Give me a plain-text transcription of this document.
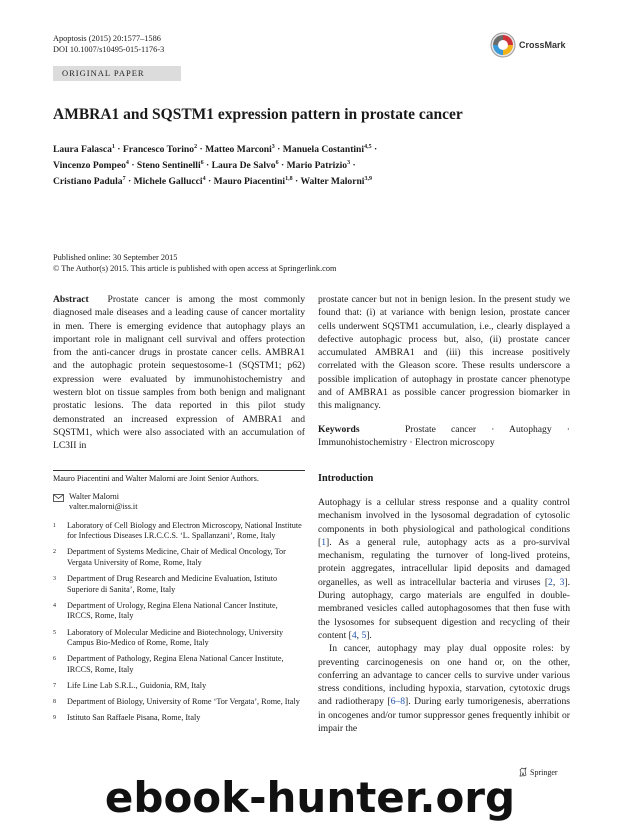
Apoptosis (2015) 20:1577–1586
DOI 10.1007/s10495-015-1176-3	CrossMark
ORIGINAL PAPER
AMBRA1 and SQSTM1 expression pattern in prostate cancer
Laura Falasca$^1$ · Francesco Torino$^2$ · Matteo Marconi$^3$ · Manuela Costantini$^{4,5}$ ·
Vincenzo Pompeo$^4$ · Steno Sentinelli$^6$ · Laura De Salvo$^6$ · Mario Patrizio$^3$ ·
Cristiano Padula$^7$ · Michele Gallucci$^4$ · Mauro Piacentini$^{1,8}$ · Walter Malorni$^{3,9}$
Published online: 30 September 2015
© The Author(s) 2015. This article is published with open access at Springerlink.com

Abstract Prostate cancer is among the most commonly diagnosed male diseases and a leading cause of cancer mortality in men. There is emerging evidence that autophagy plays an important role in malignant cell survival and offers protection from the anti-cancer drugs in prostate cancer cells. AMBRA1 and the autophagic protein sequestosome-1 (SQSTM1; p62) expression were evaluated by immunohistochemistry and western blot on tissue samples from both benign and malignant prostatic lesions. The data reported in this pilot study demonstrated an increased expression of AMBRA1 and SQSTM1, which were also associated with an accumulation of LC3II in

prostate cancer but not in benign lesion. In the present study we found that: (i) at variance with benign lesion, prostate cancer cells underwent SQSTM1 accumulation, i.e., clearly displayed a defective autophagic process but, also, (ii) prostate cancer accumulated AMBRA1 and (iii) this increase positively correlated with the Gleason score. These results underscore a possible implication of autophagy in prostate cancer phenotype and of AMBRA1 as possible cancer progression biomarker in this malignancy.

Keywords	Prostate cancer · Autophagy · Immunohistochemistry · Electron microscopy

Mauro Piacentini and Walter Malorni are Joint Senior Authors.
Walter Malorni
valter.malorni@iss.it
1	Laboratory of Cell Biology and Electron Microscopy, National Institute for Infectious Diseases I.R.C.C.S. ‘L. Spallanzani’, Rome, Italy
2	Department of Systems Medicine, Chair of Medical Oncology, Tor Vergata University of Rome, Rome, Italy
3	Department of Drug Research and Medicine Evaluation, Istituto Superiore di Sanita’, Rome, Italy
4	Department of Urology, Regina Elena National Cancer Institute, IRCCS, Rome, Italy
5	Laboratory of Molecular Medicine and Biotechnology, University Campus Bio-Medico of Rome, Rome, Italy
6	Department of Pathology, Regina Elena National Cancer Institute, IRCCS, Rome, Italy
7	Life Line Lab S.R.L., Guidonia, RM, Italy
8	Department of Biology, University of Rome ‘Tor Vergata’, Rome, Italy
9	Istituto San Raffaele Pisana, Rome, Italy
Introduction

Autophagy is a cellular stress response and a quality control mechanism involved in the lysosomal degradation of cytosolic components in both physiological and pathological conditions [1]. As a general rule, autophagy acts as a pro-survival mechanism, regulating the turnover of long-lived proteins, protein aggregates, intracellular lipid deposits and damaged organelles, as well as intracellular bacteria and viruses [2, 3]. During autophagy, cargo materials are engulfed in double-membraned vesicles called autophagosomes that then fuse with the lysosomes for subsequent digestion and recycling of their content [4, 5].

In cancer, autophagy may play dual opposite roles: by preventing carcinogenesis on one hand or, on the other, conferring an advantage to cancer cells to survive under various stress conditions, including hypoxia, starvation, cytotoxic drugs and radiotherapy [6–8]. During early tumorigenesis, aberrations in oncogenes and/or tumor suppressor genes frequently inhibit or impair the

Springer
ebook-hunter.org
